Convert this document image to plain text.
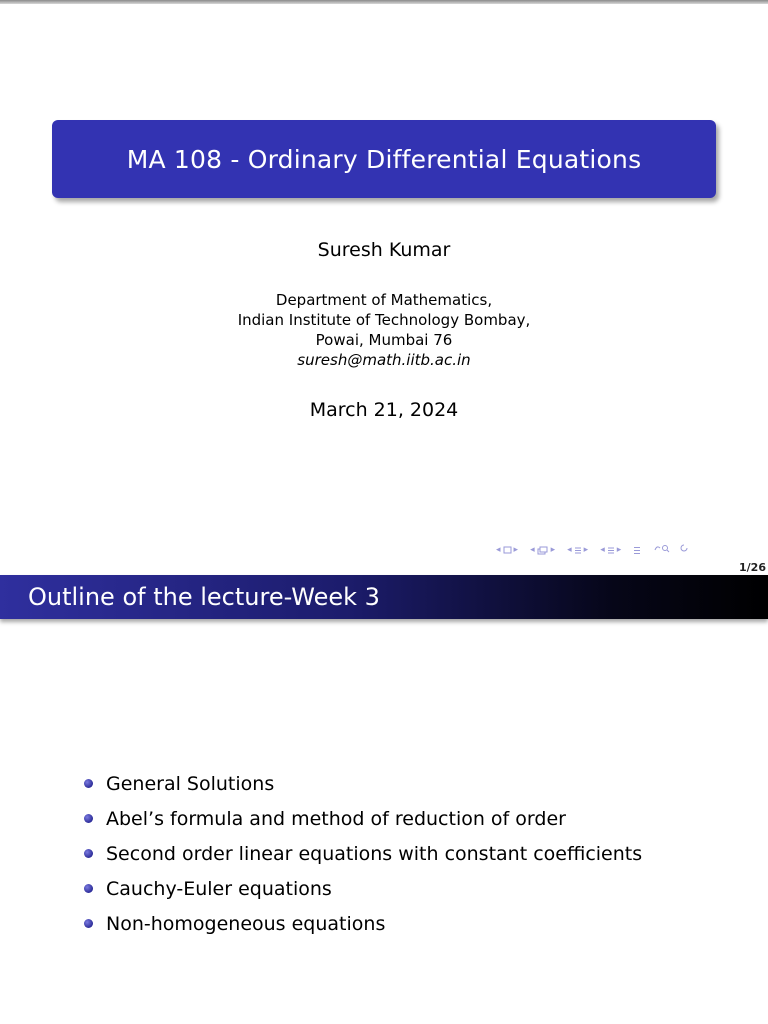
MA 108 - Ordinary Differential Equations
Suresh Kumar
Department of Mathematics,
Indian Institute of Technology Bombay,
Powai, Mumbai 76
suresh@math.iitb.ac.in
March 21, 2024
◂ ▸ ◂ ▸ ◂ ▸ ◂ ▸
1/26
Outline of the lecture-Week 3
General Solutions
Abel’s formula and method of reduction of order
Second order linear equations with constant coefficients
Cauchy-Euler equations
Non-homogeneous equations
